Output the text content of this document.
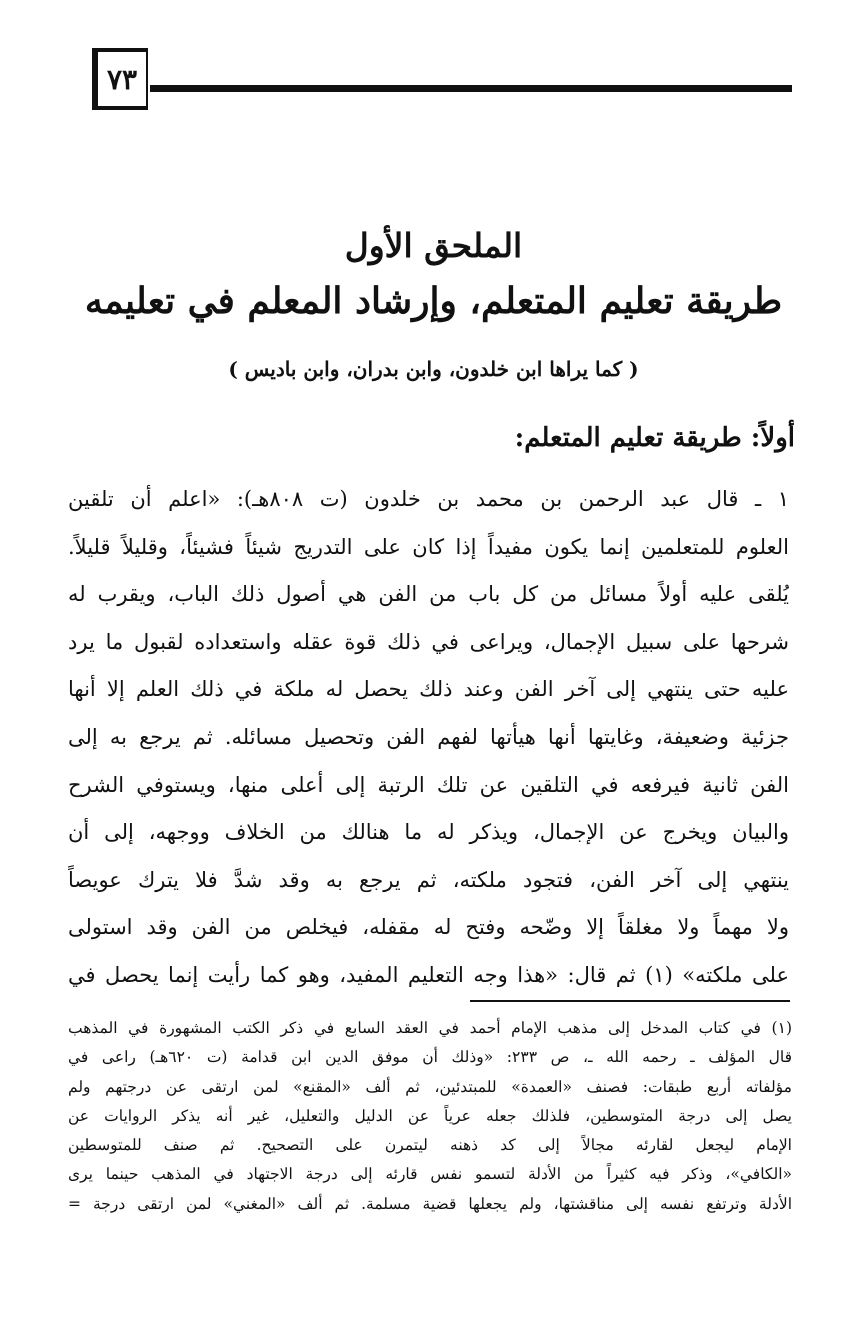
٧٣
الملحق الأول
طريقة تعليم المتعلم، وإرشاد المعلم في تعليمه
( كما يراها ابن خلدون، وابن بدران، وابن باديس )
أولاً: طريقة تعليم المتعلم:
١ ـ قال عبد الرحمن بن محمد بن خلدون (ت ٨٠٨هـ): «اعلم أن تلقين
العلوم للمتعلمين إنما يكون مفيداً إذا كان على التدريج شيئاً فشيئاً، وقليلاً قليلاً.
يُلقى عليه أولاً مسائل من كل باب من الفن هي أصول ذلك الباب، ويقرب له
شرحها على سبيل الإجمال، ويراعى في ذلك قوة عقله واستعداده لقبول ما يرد
عليه حتى ينتهي إلى آخر الفن وعند ذلك يحصل له ملكة في ذلك العلم إلا أنها
جزئية وضعيفة، وغايتها أنها هيأتها لفهم الفن وتحصيل مسائله. ثم يرجع به إلى
الفن ثانية فيرفعه في التلقين عن تلك الرتبة إلى أعلى منها، ويستوفي الشرح
والبيان ويخرج عن الإجمال، ويذكر له ما هنالك من الخلاف ووجهه، إلى أن
ينتهي إلى آخر الفن، فتجود ملكته، ثم يرجع به وقد شدَّ فلا يترك عويصاً
ولا مهماً ولا مغلقاً إلا وضّحه وفتح له مقفله، فيخلص من الفن وقد استولى
على ملكته» (١) ثم قال: «هذا وجه التعليم المفيد، وهو كما رأيت إنما يحصل في
(١) في كتاب المدخل إلى مذهب الإمام أحمد في العقد السابع في ذكر الكتب المشهورة في المذهب
قال المؤلف ـ رحمه الله ـ، ص ٢٣٣: «وذلك أن موفق الدين ابن قدامة (ت ٦٢٠هـ) راعى في
مؤلفاته أربع طبقات: فصنف «العمدة» للمبتدئين، ثم ألف «المقنع» لمن ارتقى عن درجتهم ولم
يصل إلى درجة المتوسطين، فلذلك جعله عرياً عن الدليل والتعليل، غير أنه يذكر الروايات عن
الإمام ليجعل لقارئه مجالاً إلى كد ذهنه ليتمرن على التصحيح. ثم صنف للمتوسطين
«الكافي»، وذكر فيه كثيراً من الأدلة لتسمو نفس قارئه إلى درجة الاجتهاد في المذهب حينما يرى
الأدلة وترتفع نفسه إلى مناقشتها، ولم يجعلها قضية مسلمة. ثم ألف «المغني» لمن ارتقى درجة =
